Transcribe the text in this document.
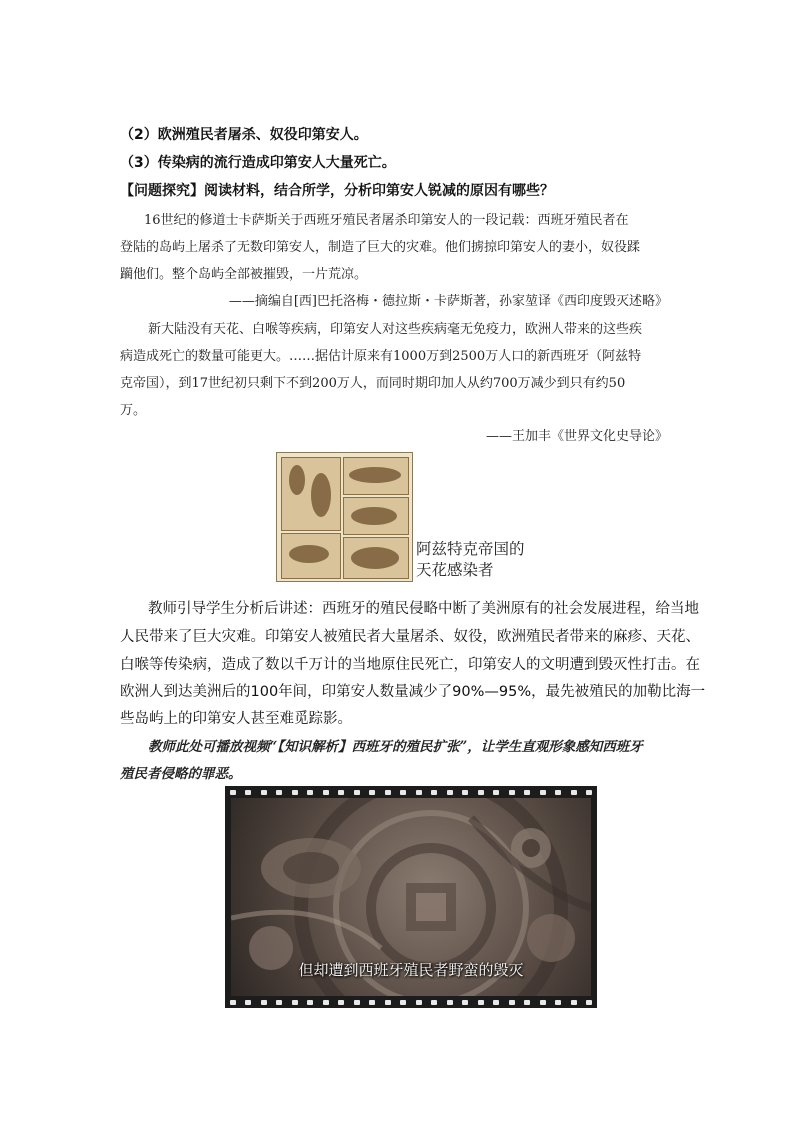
（2）欧洲殖民者屠杀、奴役印第安人。
（3）传染病的流行造成印第安人大量死亡。
【问题探究】阅读材料，结合所学，分析印第安人锐减的原因有哪些？
16世纪的修道士卡萨斯关于西班牙殖民者屠杀印第安人的一段记载：西班牙殖民者在
登陆的岛屿上屠杀了无数印第安人，制造了巨大的灾难。他们掳掠印第安人的妻小，奴役蹂
躏他们。整个岛屿全部被摧毁，一片荒凉。
——摘编自[西]巴托洛梅・德拉斯・卡萨斯著，孙家堃译《西印度毁灭述略》
新大陆没有天花、白喉等疾病，印第安人对这些疾病毫无免疫力，欧洲人带来的这些疾
病造成死亡的数量可能更大。……据估计原来有1000万到2500万人口的新西班牙（阿兹特
克帝国），到17世纪初只剩下不到200万人，而同时期印加人从约700万减少到只有约50
万。
——王加丰《世界文化史导论》
阿兹特克帝国的
天花感染者
教师引导学生分析后讲述：西班牙的殖民侵略中断了美洲原有的社会发展进程，给当地
人民带来了巨大灾难。印第安人被殖民者大量屠杀、奴役，欧洲殖民者带来的麻疹、天花、
白喉等传染病，造成了数以千万计的当地原住民死亡，印第安人的文明遭到毁灭性打击。在
欧洲人到达美洲后的100年间，印第安人数量减少了90%—95%，最先被殖民的加勒比海一
些岛屿上的印第安人甚至难觅踪影。
教师此处可播放视频“【知识解析】西班牙的殖民扩张”，让学生直观形象感知西班牙
殖民者侵略的罪恶。
但却遭到西班牙殖民者野蛮的毁灭
